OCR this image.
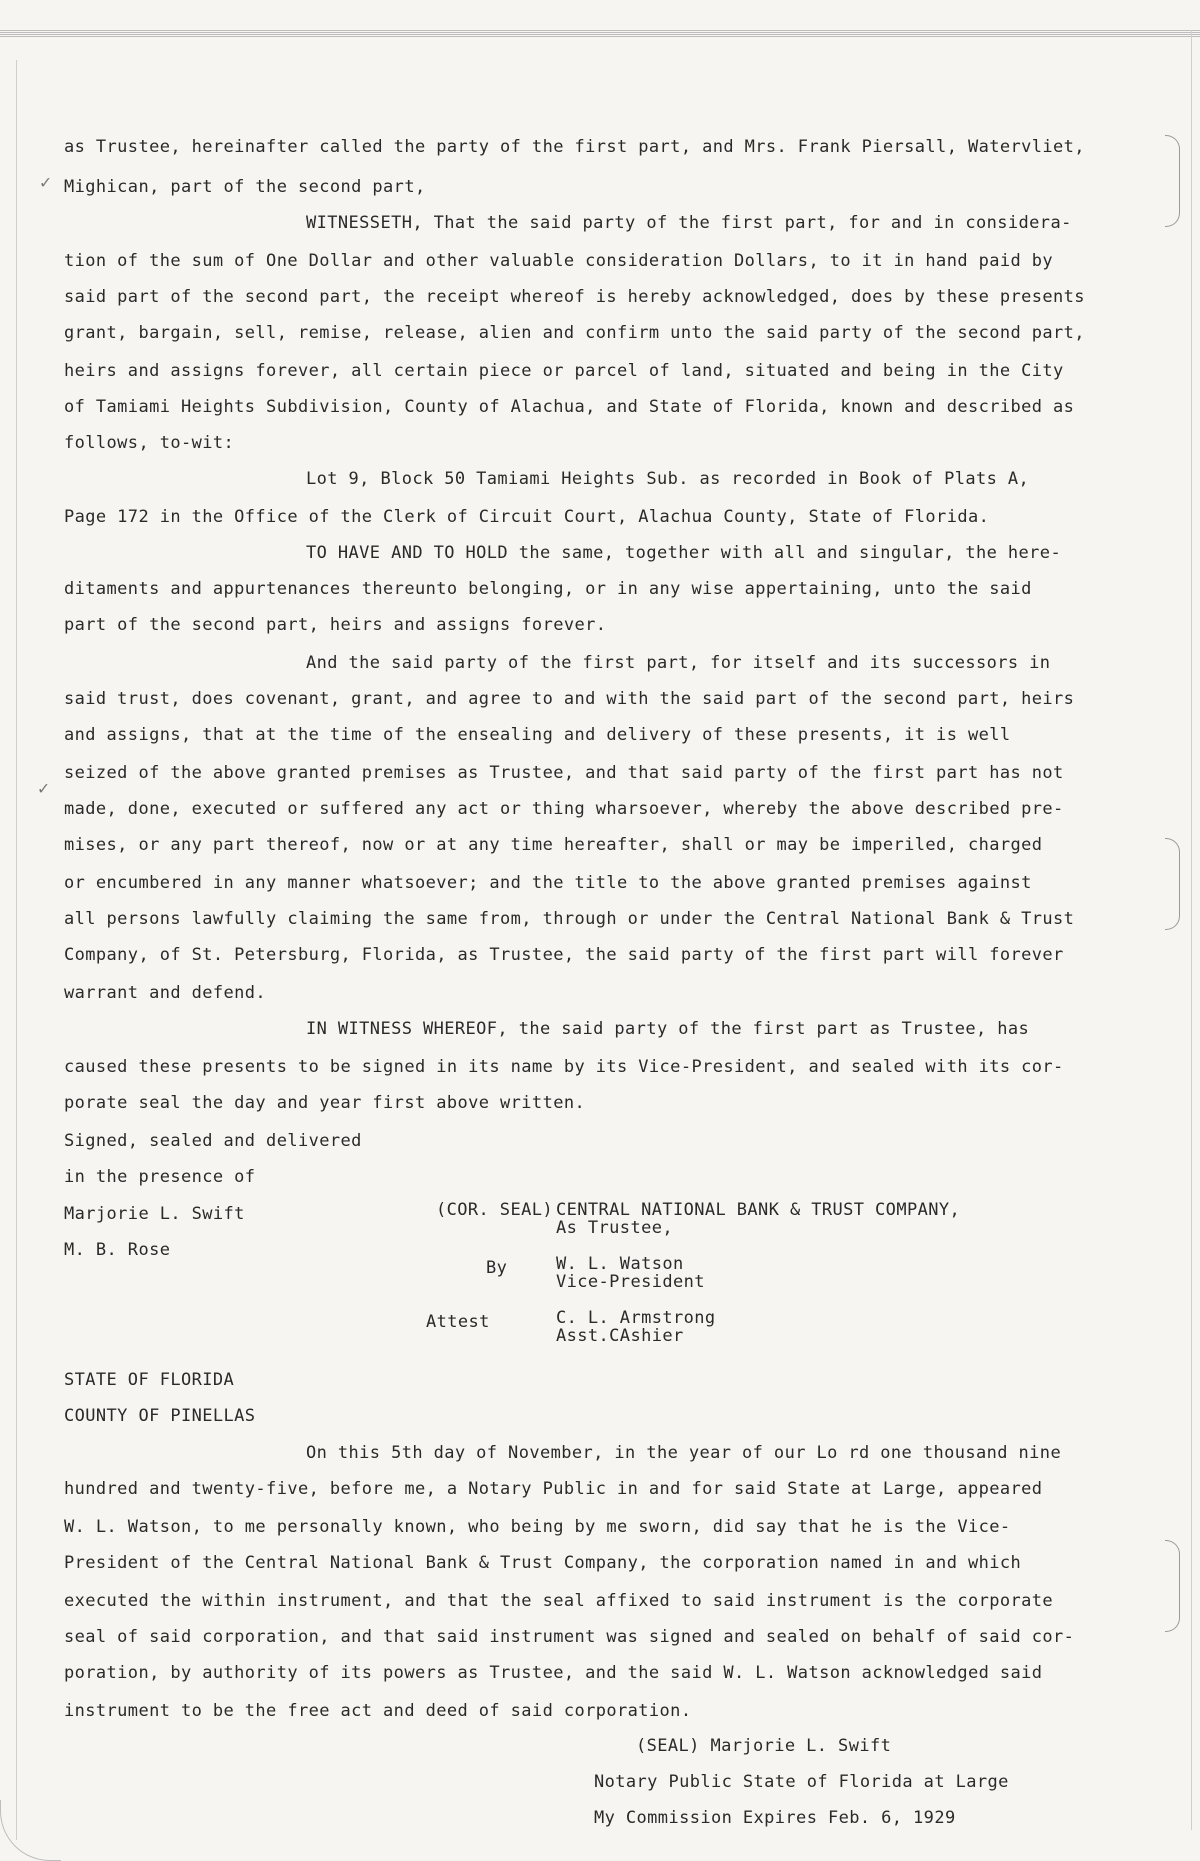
✓
✓
as Trustee, hereinafter called the party of the first part, and Mrs. Frank Piersall, Watervliet,
Mighican, part of the second part,
WITNESSETH, That the said party of the first part, for and in considera-
tion of the sum of One Dollar and other valuable consideration Dollars, to it in hand paid by
said part of the second part, the receipt whereof is hereby acknowledged, does by these presents
grant, bargain, sell, remise, release, alien and confirm unto the said party of the second part,
heirs and assigns forever, all certain piece or parcel of land, situated and being in the City
of Tamiami Heights Subdivision, County of Alachua, and State of Florida, known and described as
follows, to-wit:
Lot 9, Block 50 Tamiami Heights Sub. as recorded in Book of Plats A,
Page 172 in the Office of the Clerk of Circuit Court, Alachua County, State of Florida.
TO HAVE AND TO HOLD the same, together with all and singular, the here-
ditaments and appurtenances thereunto belonging, or in any wise appertaining, unto the said
part of the second part, heirs and assigns forever.
And the said party of the first part, for itself and its successors in
said trust, does covenant, grant, and agree to and with the said part of the second part, heirs
and assigns, that at the time of the ensealing and delivery of these presents, it is well
seized of the above granted premises as Trustee, and that said party of the first part has not
made, done, executed or suffered any act or thing wharsoever, whereby the above described pre-
mises, or any part thereof, now or at any time hereafter, shall or may be imperiled, charged
or encumbered in any manner whatsoever; and the title to the above granted premises against
all persons lawfully claiming the same from, through or under the Central National Bank & Trust
Company, of St. Petersburg, Florida, as Trustee, the said party of the first part will forever
warrant and defend.
IN WITNESS WHEREOF, the said party of the first part as Trustee, has
caused these presents to be signed in its name by its Vice-President, and sealed with its cor-
porate seal the day and year first above written.
Signed, sealed and delivered
in the presence of
Marjorie L. Swift
M. B. Rose
(COR. SEAL) CENTRAL NATIONAL BANK & TRUST COMPANY,
As Trustee,
By	W. L. Watson
Vice-President
Attest	C. L. Armstrong
Asst.CAshier
STATE OF FLORIDA
COUNTY OF PINELLAS
On this 5th day of November, in the year of our Lo rd one thousand nine
hundred and twenty-five, before me, a Notary Public in and for said State at Large, appeared
W. L. Watson, to me personally known, who being by me sworn, did say that he is the Vice-
President of the Central National Bank & Trust Company, the corporation named in and which
executed the within instrument, and that the seal affixed to said instrument is the corporate
seal of said corporation, and that said instrument was signed and sealed on behalf of said cor-
poration, by authority of its powers as Trustee, and the said W. L. Watson acknowledged said
instrument to be the free act and deed of said corporation.
(SEAL) Marjorie L. Swift
Notary Public State of Florida at Large
My Commission Expires Feb. 6, 1929
